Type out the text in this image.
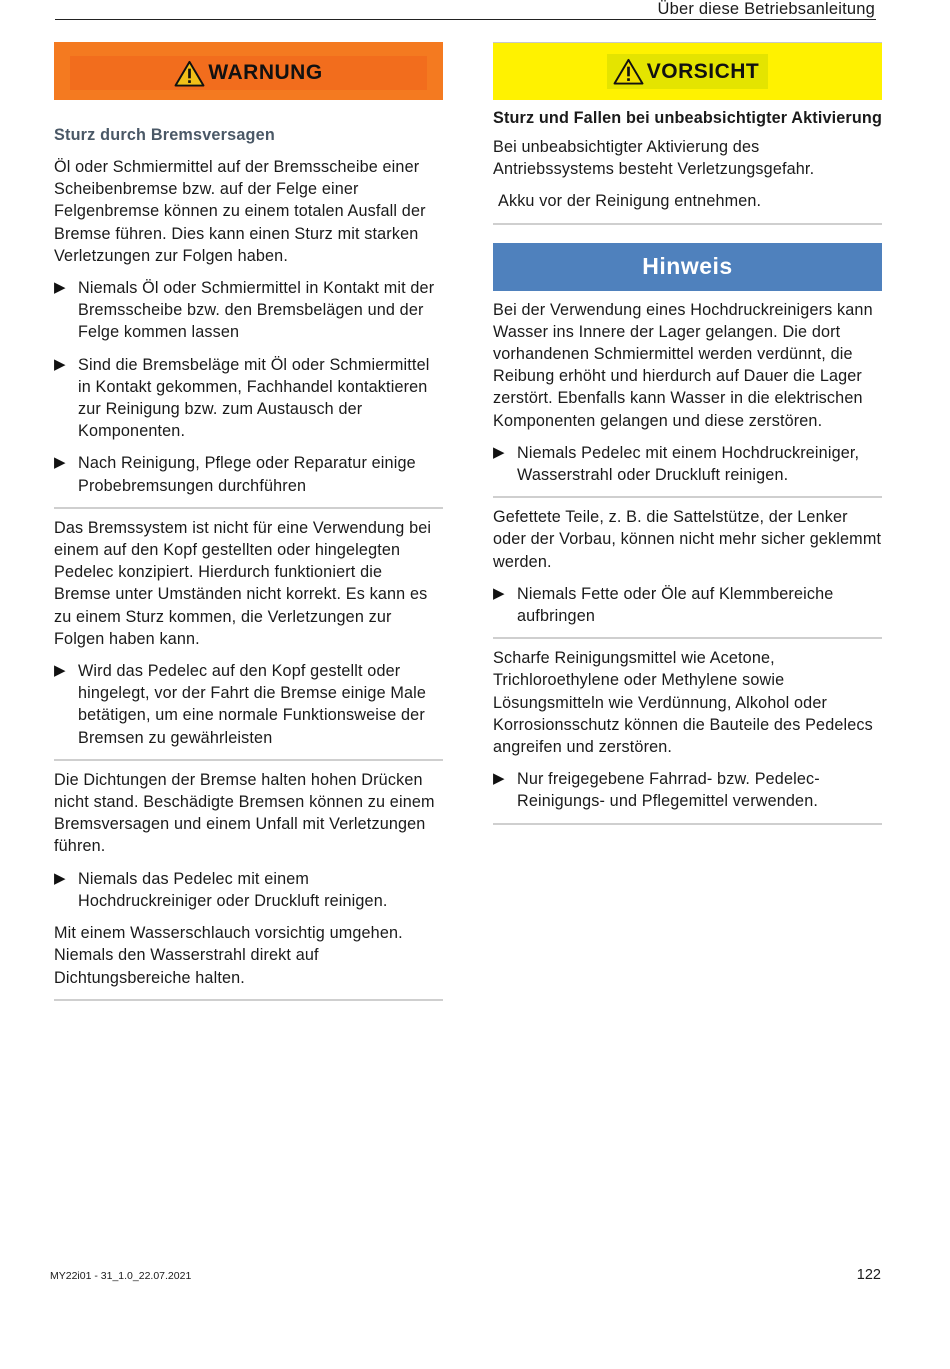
Über diese Betriebsanleitung
WARNUNG
Sturz durch Bremsversagen

Öl oder Schmiermittel auf der Bremsscheibe einer Scheibenbremse bzw. auf der Felge einer Felgenbremse können zu einem totalen Ausfall der Bremse führen. Dies kann einen Sturz mit starken Verletzungen zur Folgen haben.

▶ Niemals Öl oder Schmiermittel in Kontakt mit der Bremsscheibe bzw. den Bremsbelägen und der Felge kommen lassen
▶ Sind die Bremsbeläge mit Öl oder Schmiermittel in Kontakt gekommen, Fachhandel kontaktieren zur Reinigung bzw. zum Austausch der Komponenten.
▶ Nach Reinigung, Pflege oder Reparatur einige Probebremsungen durchführen

Das Bremssystem ist nicht für eine Verwendung bei einem auf den Kopf gestellten oder hingelegten Pedelec konzipiert. Hierdurch funktioniert die Bremse unter Umständen nicht korrekt. Es kann es zu einem Sturz kommen, die Verletzungen zur Folgen haben kann.

▶ Wird das Pedelec auf den Kopf gestellt oder hingelegt, vor der Fahrt die Bremse einige Male betätigen, um eine normale Funktionsweise der Bremsen zu gewährleisten

Die Dichtungen der Bremse halten hohen Drücken nicht stand. Beschädigte Bremsen können zu einem Bremsversagen und einem Unfall mit Verletzungen führen.

▶ Niemals das Pedelec mit einem Hochdruckreiniger oder Druckluft reinigen.

Mit einem Wasserschlauch vorsichtig umgehen. Niemals den Wasserstrahl direkt auf Dichtungsbereiche halten.

VORSICHT
Sturz und Fallen bei unbeabsichtigter Aktivierung

Bei unbeabsichtigter Aktivierung des Antriebssystems besteht Verletzungsgefahr.

Akku vor der Reinigung entnehmen.

Hinweis

Bei der Verwendung eines Hochdruckreinigers kann Wasser ins Innere der Lager gelangen. Die dort vorhandenen Schmiermittel werden verdünnt, die Reibung erhöht und hierdurch auf Dauer die Lager zerstört. Ebenfalls kann Wasser in die elektrischen Komponenten gelangen und diese zerstören.

▶ Niemals Pedelec mit einem Hochdruckreiniger, Wasserstrahl oder Druckluft reinigen.

Gefettete Teile, z. B. die Sattelstütze, der Lenker oder der Vorbau, können nicht mehr sicher geklemmt werden.

▶ Niemals Fette oder Öle auf Klemmbereiche aufbringen

Scharfe Reinigungsmittel wie Acetone, Trichloroethylene oder Methylene sowie Lösungsmitteln wie Verdünnung, Alkohol oder Korrosionsschutz können die Bauteile des Pedelecs angreifen und zerstören.

▶ Nur freigegebene Fahrrad- bzw. Pedelec-Reinigungs- und Pflegemittel verwenden.
MY22i01 - 31_1.0_22.07.2021	122
